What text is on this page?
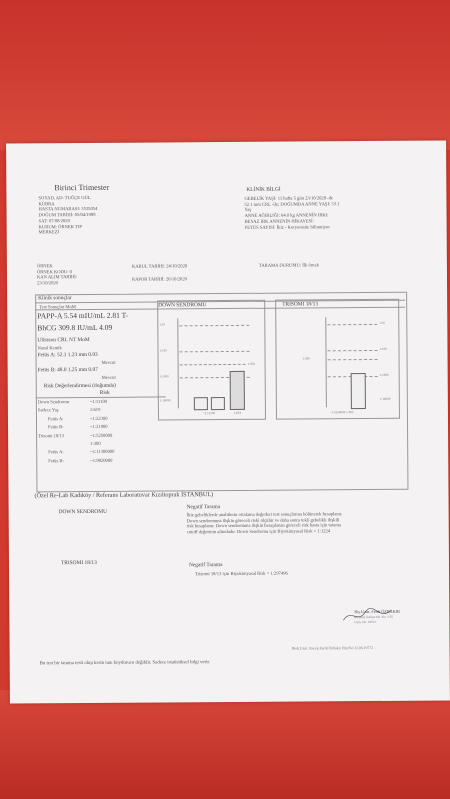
Birinci Trimester
SOYAD, AD: TUĞÇE GÜL
KÜBRA
HASTA NUMARASI: 3535054
DOĞUM TARİHİ: 05/04/1988
SAT: 07/08/2020
KURUM: ÖRNEK TIP
MERKEZİ
KLİNİK BİLGİ
GEBELİK YAŞI: 11 hafta 5 gün 23/10/2020 ‑de
52.1 mm CRL ‑ile; DOĞUMDA ANNE YAŞI: 33.1
Yaş
ANNE AĞIRLIĞI: 64.0 kg ANNENİN IRKI:
BEYAZ IRK ANNENİN HİKAYESİ:
FETÜS SAYISI: İkiz ‑ Koryonisite bilinmiyor
ÖRNEK
ÖRNEK KODU: 0
KAN ALIM TARİHİ:
23/10/2020
KABUL TARİHİ: 24/10/2020
RAPOR TARİHİ: 26/10/2020
TARAMA DURUMU: İlk örnek
Klinik sonuçlar
Test Sonuçlar MoM
PAPP-A 5.54 mIU/mL 2.81 T-
BhCG 309.8 IU/mL 4.09
Ultrason CRL NT MoM
Nazal Kemik
Fetüs A: 52.1 1.23 mm 0.93
Mevcut
Fetüs B: 48.0 1.25 mm 0.97
Mevcut
Risk Değerlendirmesi (doğumda)
Risk
Down Sendromu	~1:11100
Sadece Yaş	1:619
Fetüs A:	~1:22300
Fetüs B:	~1:21900
Trisomi 18/13	~1:5250000
1:300
Fetüs A:	~1:11300000
Fetüs B:	~1:9820000
DOWN SENDROMU
1:10
1:100
1:250
1:1000
1:10000
~1:11100	1:619
TRISOMI 18/13
1:10
1:100
1:300
1:1000
1:10000
~1:5250000 1:493
(Özel Re-Lab Kadıköy / Referans Laboratuvar Kızıltoprak İSTANBUL)
DOWN SENDROMU
Negatif Tarama
İkiz gebeliklerde analitlerin ortalama değerleri test sonuçlarına bölünerek hesaplanır.
Down sendromuna ilişkin göreceli riski ölçülür ve daha sonra tekli gebeliklı ilişkili
risk hesaplanır. Down sendromuna ilişkin hesaplanan göreceli risk hasta için tarama
cutoff değerinin altındadır. Down Sendromu için Biyokimyasal Risk = 1:1224
TRISOMI 18/13	Negatif Tarama
Trizomi 18/13 için Biyokimyasal Risk = 1:297496
Biy.Uzm. Ferdi ÖZBAKIR
Kadıköy Zafiyet Ob. No: 1/55
Uzm. No: 18572
Biok.Uzm. Recep Ferdi Özbakır Dip.No:13.06.19773
Bu test bir tarama testi olup kesin tanı koydurucu değildir. Sadece istatistiksel bilgi verir.
